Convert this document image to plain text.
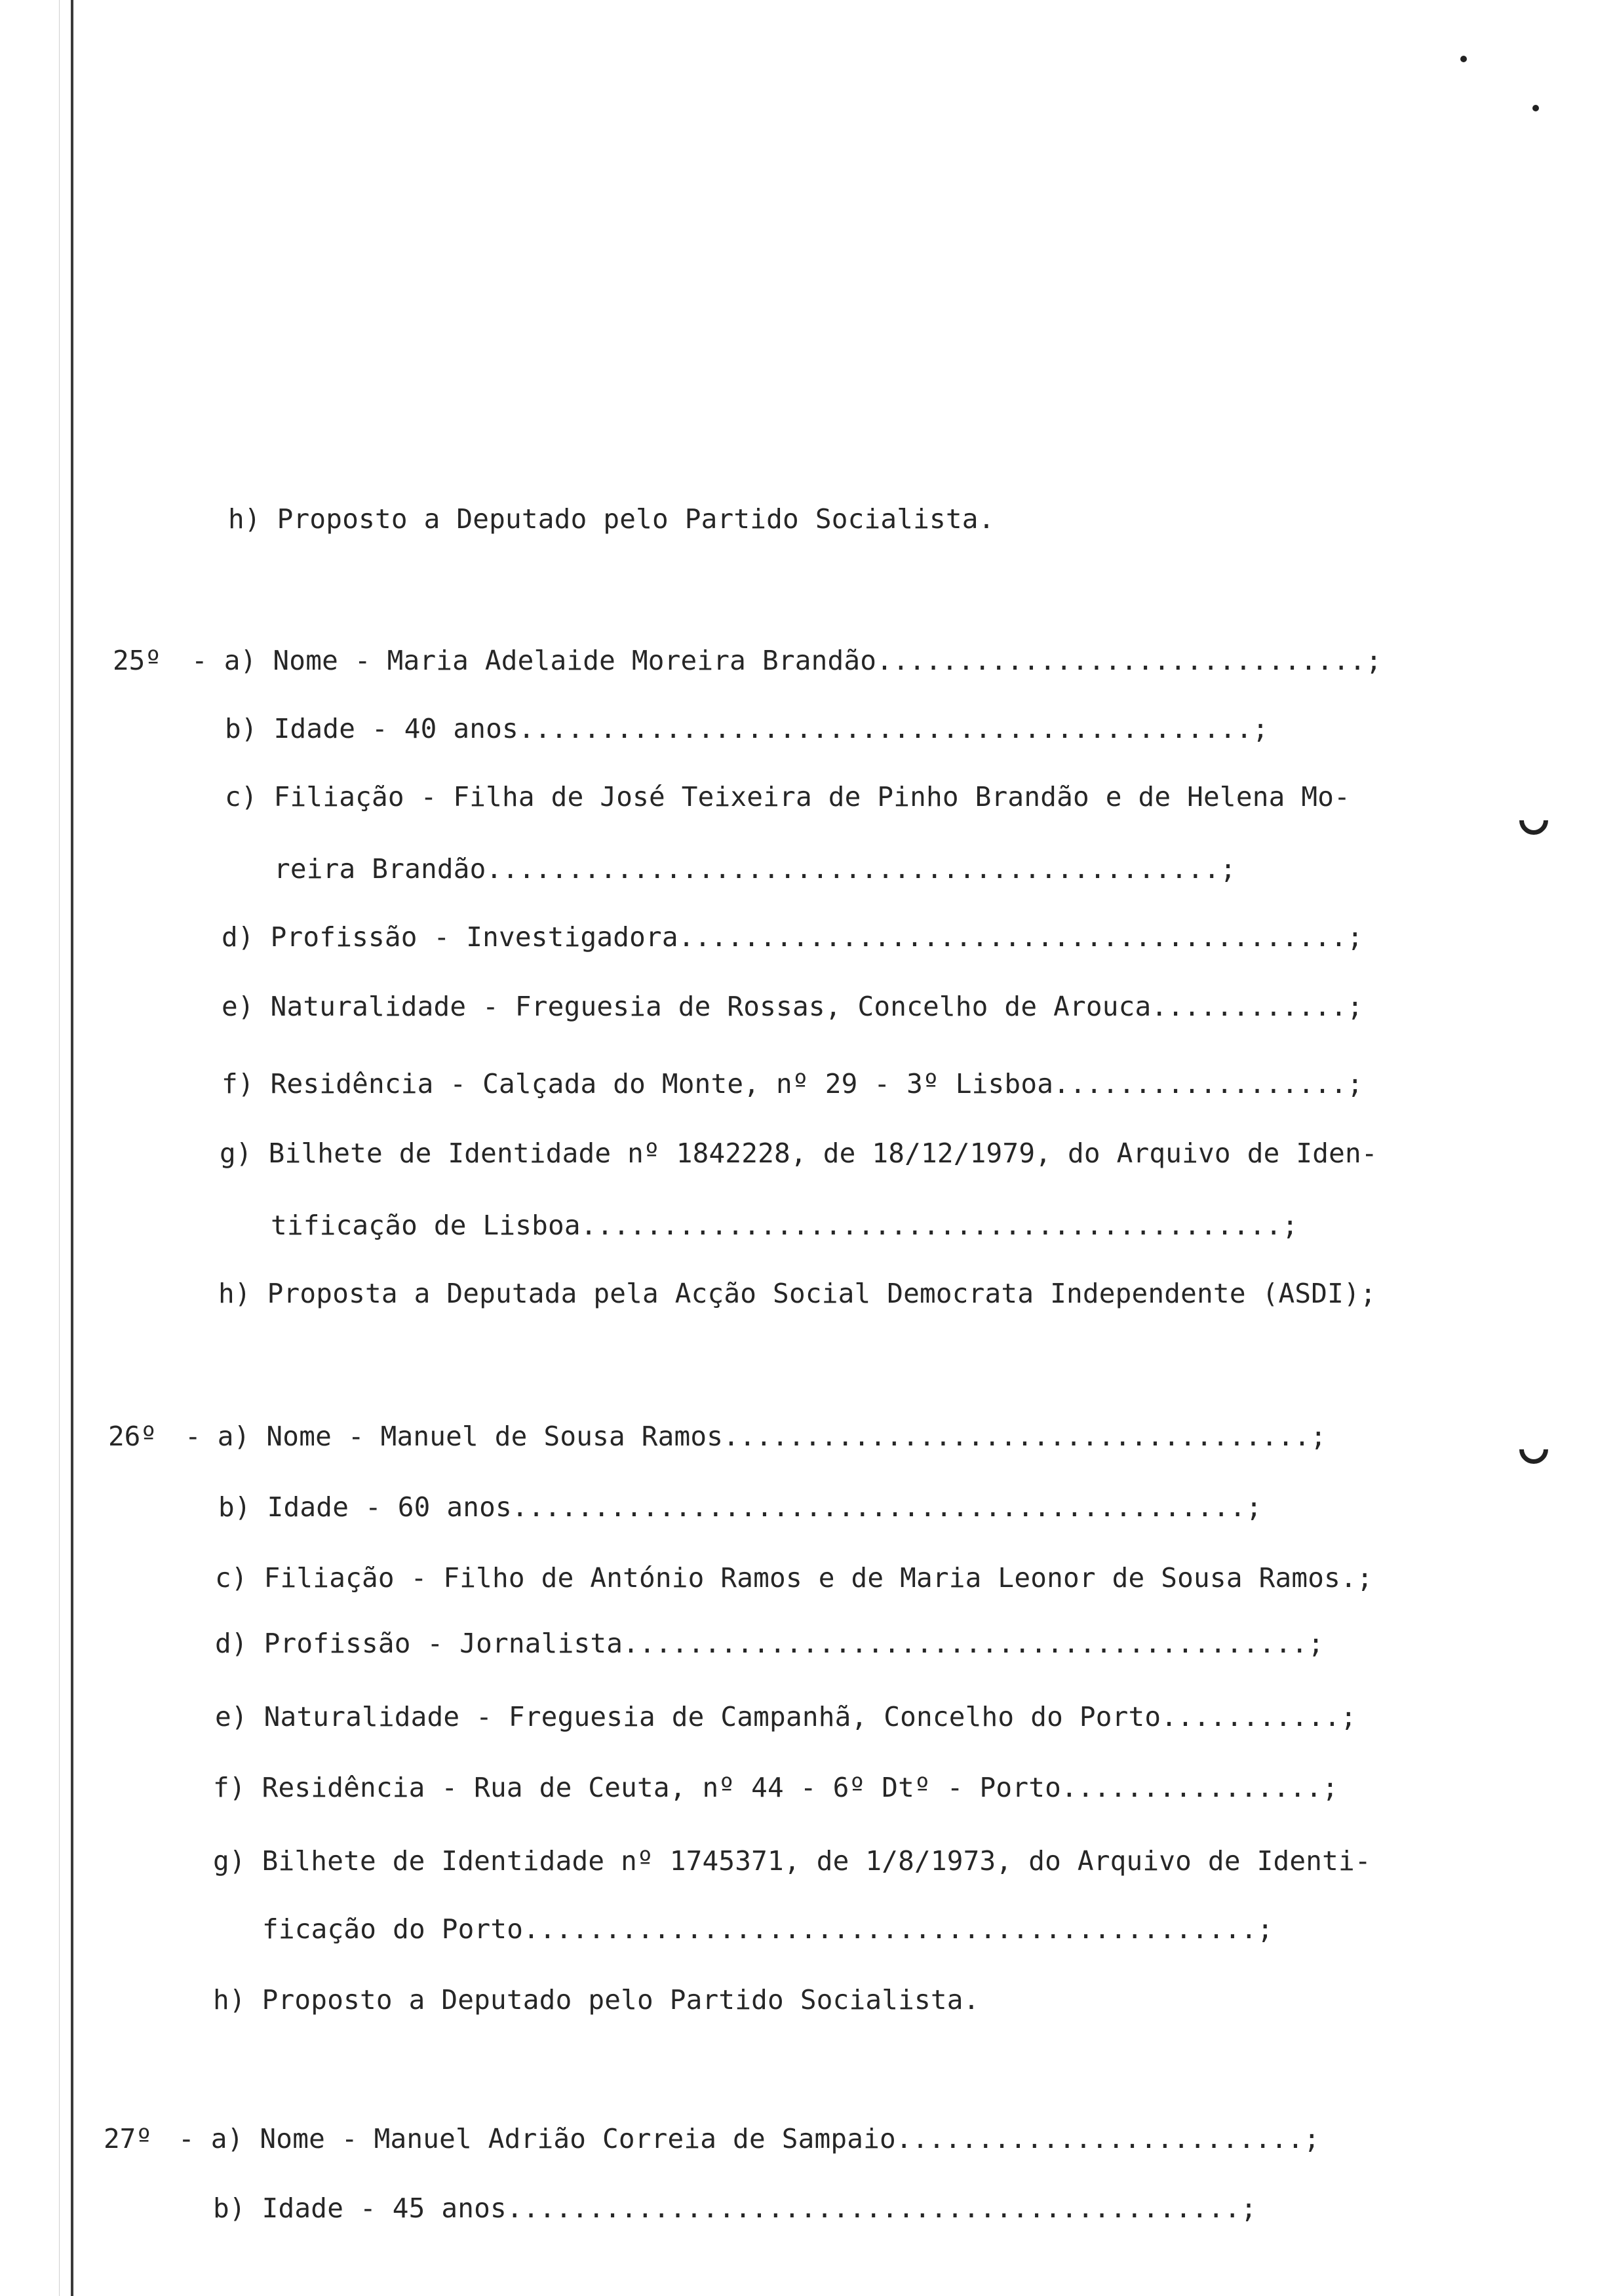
h) Proposto a Deputado pelo Partido Socialista.
25º - a) Nome - Maria Adelaide Moreira Brandão..............................;
b) Idade - 40 anos.............................................;
c) Filiação - Filha de José Teixeira de Pinho Brandão e de Helena Mo-
reira Brandão.............................................;
d) Profissão - Investigadora.........................................;
e) Naturalidade - Freguesia de Rossas, Concelho de Arouca............;
f) Residência - Calçada do Monte, nº 29 - 3º Lisboa..................;
g) Bilhete de Identidade nº 1842228, de 18/12/1979, do Arquivo de Iden-
tificação de Lisboa...........................................;
h) Proposta a Deputada pela Acção Social Democrata Independente (ASDI);
26º - a) Nome - Manuel de Sousa Ramos....................................;
b) Idade - 60 anos.............................................;
c) Filiação - Filho de António Ramos e de Maria Leonor de Sousa Ramos.;
d) Profissão - Jornalista..........................................;
e) Naturalidade - Freguesia de Campanhã, Concelho do Porto...........;
f) Residência - Rua de Ceuta, nº 44 - 6º Dtº - Porto................;
g) Bilhete de Identidade nº 1745371, de 1/8/1973, do Arquivo de Identi-
ficação do Porto.............................................;
h) Proposto a Deputado pelo Partido Socialista.
27º - a) Nome - Manuel Adrião Correia de Sampaio.........................;
b) Idade - 45 anos.............................................;
